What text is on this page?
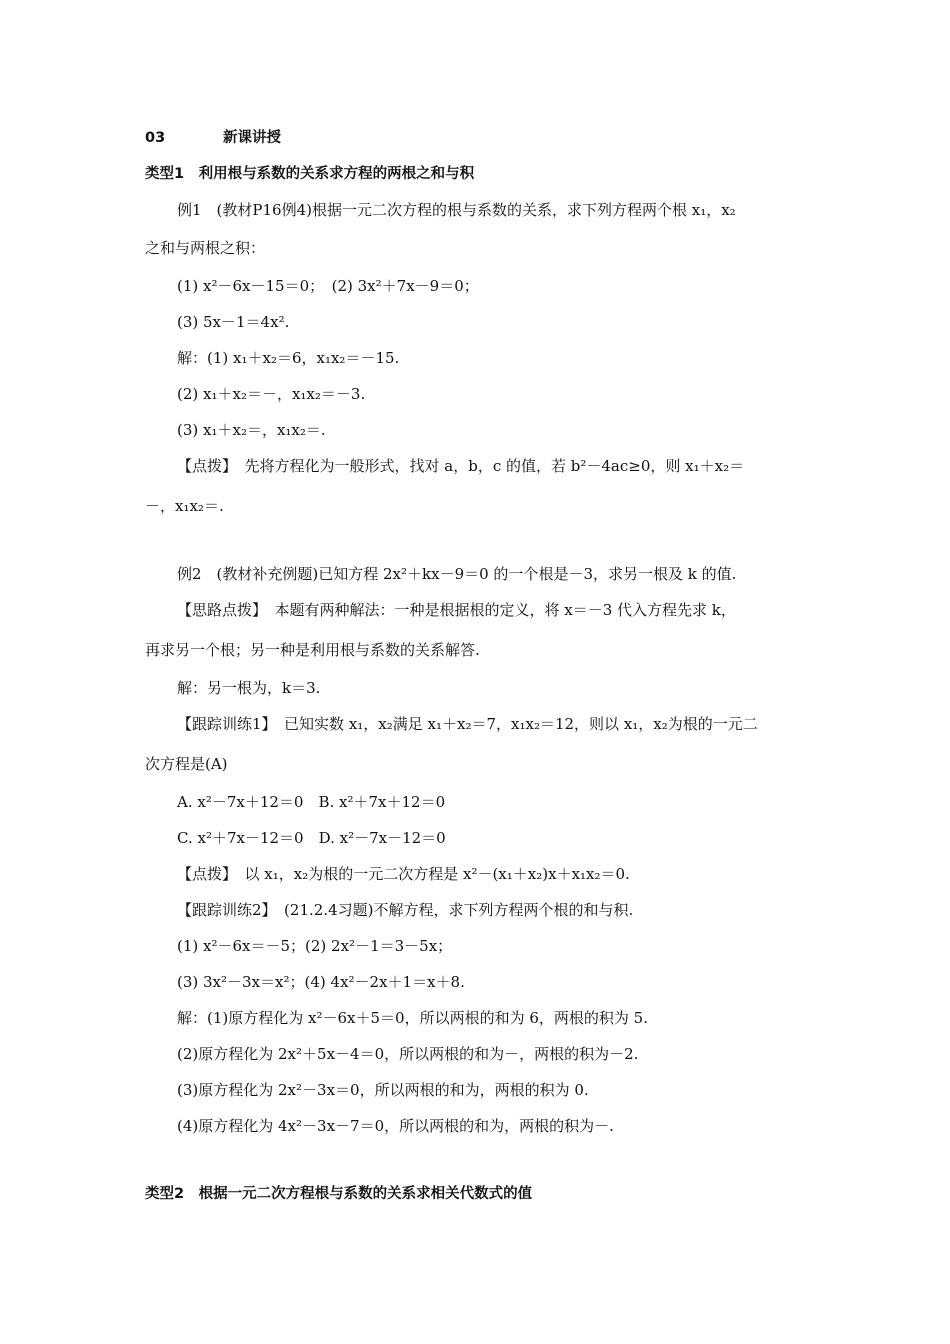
03	新课讲授
类型1　利用根与系数的关系求方程的两根之和与积
例1　(教材P16例4)根据一元二次方程的根与系数的关系，求下列方程两个根 x₁，x₂
之和与两根之积：
(1) x²－6x－15＝0；　(2) 3x²＋7x－9＝0；
(3) 5x－1＝4x².
解：(1) x₁＋x₂＝6，x₁x₂＝－15.
(2) x₁＋x₂＝－，x₁x₂＝－3.
(3) x₁＋x₂＝，x₁x₂＝.
【点拨】　先将方程化为一般形式，找对 a，b，c 的值，若 b²－4ac≥0，则 x₁＋x₂＝
－，x₁x₂＝.
例2　(教材补充例题)已知方程 2x²＋kx－9＝0 的一个根是－3，求另一根及 k 的值.
【思路点拨】　本题有两种解法：一种是根据根的定义，将 x＝－3 代入方程先求 k，
再求另一个根；另一种是利用根与系数的关系解答.
解：另一根为，k＝3.
【跟踪训练1】　已知实数 x₁，x₂满足 x₁＋x₂＝7，x₁x₂＝12，则以 x₁，x₂为根的一元二
次方程是(A)
A. x²－7x＋12＝0　B. x²＋7x＋12＝0
C. x²＋7x－12＝0　D. x²－7x－12＝0
【点拨】　以 x₁，x₂为根的一元二次方程是 x²－(x₁＋x₂)x＋x₁x₂＝0.
【跟踪训练2】　(21.2.4习题)不解方程，求下列方程两个根的和与积.
(1) x²－6x＝－5；(2) 2x²－1＝3－5x；
(3) 3x²－3x＝x²；(4) 4x²－2x＋1＝x＋8.
解：(1)原方程化为 x²－6x＋5＝0，所以两根的和为 6，两根的积为 5.
(2)原方程化为 2x²＋5x－4＝0，所以两根的和为－，两根的积为－2.
(3)原方程化为 2x²－3x＝0，所以两根的和为，两根的积为 0.
(4)原方程化为 4x²－3x－7＝0，所以两根的和为，两根的积为－.
类型2　根据一元二次方程根与系数的关系求相关代数式的值
